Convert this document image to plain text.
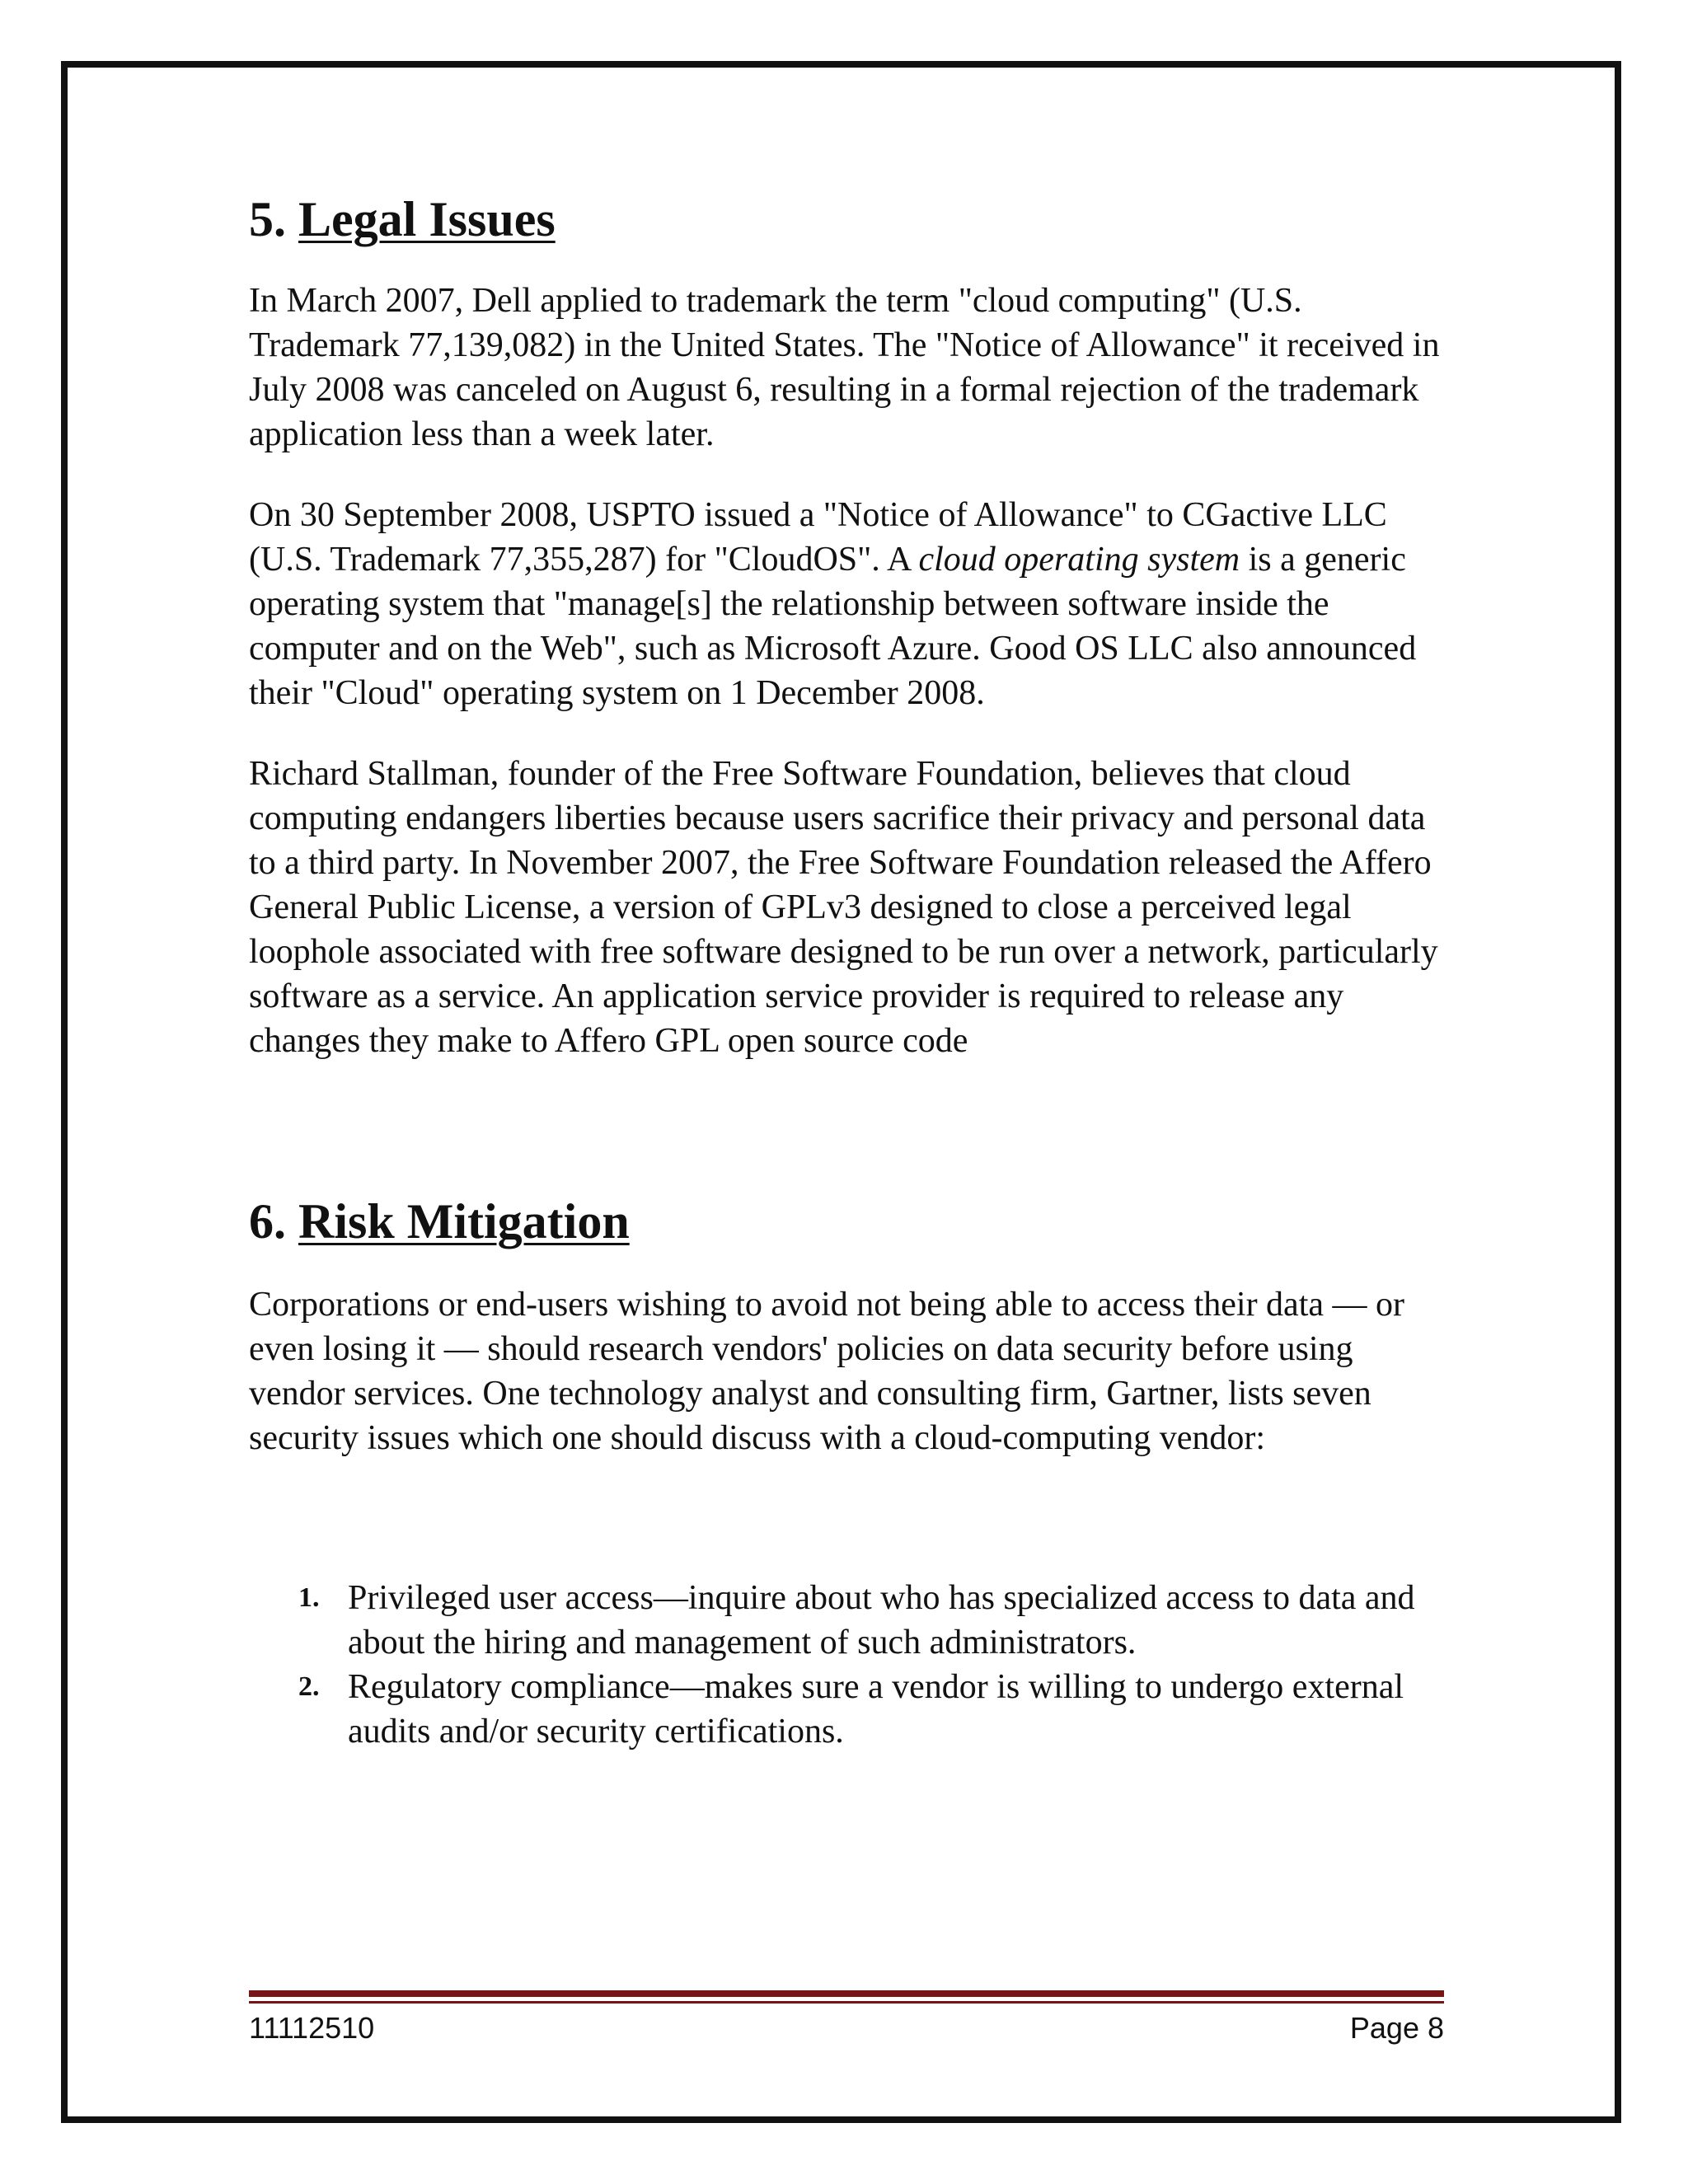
5. Legal Issues

In March 2007, Dell applied to trademark the term "cloud computing" (U.S. Trademark 77,139,082) in the United States. The "Notice of Allowance" it received in July 2008 was canceled on August 6, resulting in a formal rejection of the trademark application less than a week later.

On 30 September 2008, USPTO issued a "Notice of Allowance" to CGactive LLC (U.S. Trademark 77,355,287) for "CloudOS". A cloud operating system is a generic operating system that "manage[s] the relationship between software inside the computer and on the Web", such as Microsoft Azure. Good OS LLC also announced their "Cloud" operating system on 1 December 2008.

Richard Stallman, founder of the Free Software Foundation, believes that cloud computing endangers liberties because users sacrifice their privacy and personal data to a third party. In November 2007, the Free Software Foundation released the Affero General Public License, a version of GPLv3 designed to close a perceived legal loophole associated with free software designed to be run over a network, particularly software as a service. An application service provider is required to release any changes they make to Affero GPL open source code

6. Risk Mitigation

Corporations or end-users wishing to avoid not being able to access their data — or even losing it — should research vendors' policies on data security before using vendor services. One technology analyst and consulting firm, Gartner, lists seven security issues which one should discuss with a cloud-computing vendor:

1. Privileged user access—inquire about who has specialized access to data and about the hiring and management of such administrators.
2. Regulatory compliance—makes sure a vendor is willing to undergo external audits and/or security certifications.
11112510	Page 8
